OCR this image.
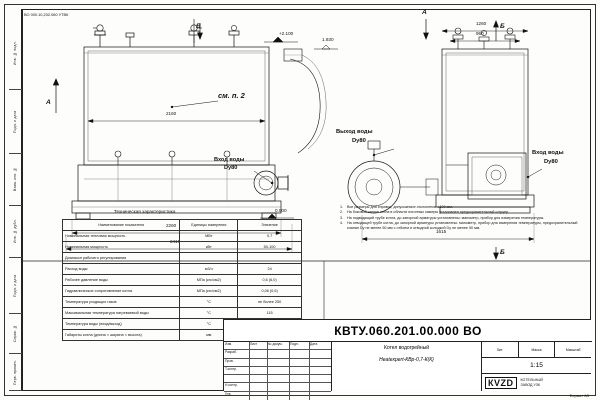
Инв. № подл.
Подп. и дата
Взам. инв. №
Инв. № дубл.
Подп. и дата
Справ. №
Перв. примен.
ВО 000.10,202.060 УТВК
А
В
+2.100
1.930
0.000
см. п. 2
2160
2260
2415
Вход воды
Dу80
А
Б
Б
1260
960
1615
Выход воды
Dу80
Вход воды
Dу80
1.	Все размеры для справок, допускаемое отклонение ±100 мм.
2.	На боковой стенке котла в области погонных камеры установлен предохранительный штуцер.
3.	На подводящий трубе котла, до запорной арматуры установлены: манометр, прибор для измерения температуры.
4.	На отводящей трубе котла, до запорной арматуры установлены: манометр, прибор для измерения температуры, предохранительный клапан Dу не менее 50 мм с отбоем и отводной колодкой Dу не менее 50 мм.
Техническая характеристика
Наименование показателя	Единицы измерения	Значение
Номинальная тепловая мощность	МВт	0,7
Номинальная мощность	кВт	50-100
Диапазон рабочего регулирования		
Расход воды	м3/ч	24
Рабочее давление воды	МПа (кгс/см2)	0,6 (6,0)
Гидравлическое сопротивление котла	МПа (кгс/см2)	0,06 (0,6)
Температура уходящих газов	°C	не более 250
Максимальная температура нагреваемой воды	°C	115
Температура воды (вход/выход)	°C	
Габариты котла (длина × ширина × высота)	мм		КВТУ.060.201.00.000 ВО
Изм.	Лист	№ докум.	Подп.	Дата
Разраб.
Пров.
Т.контр.
Н.контр.
Утв.
Котел водогрейный
Heatexpert-КВр-0,7-К(К)
Лит.	Масса	Масштаб
1:15
КVZD	КОТЕЛЬНЫЙ
ЗАВОД УЗК
Формат A3
